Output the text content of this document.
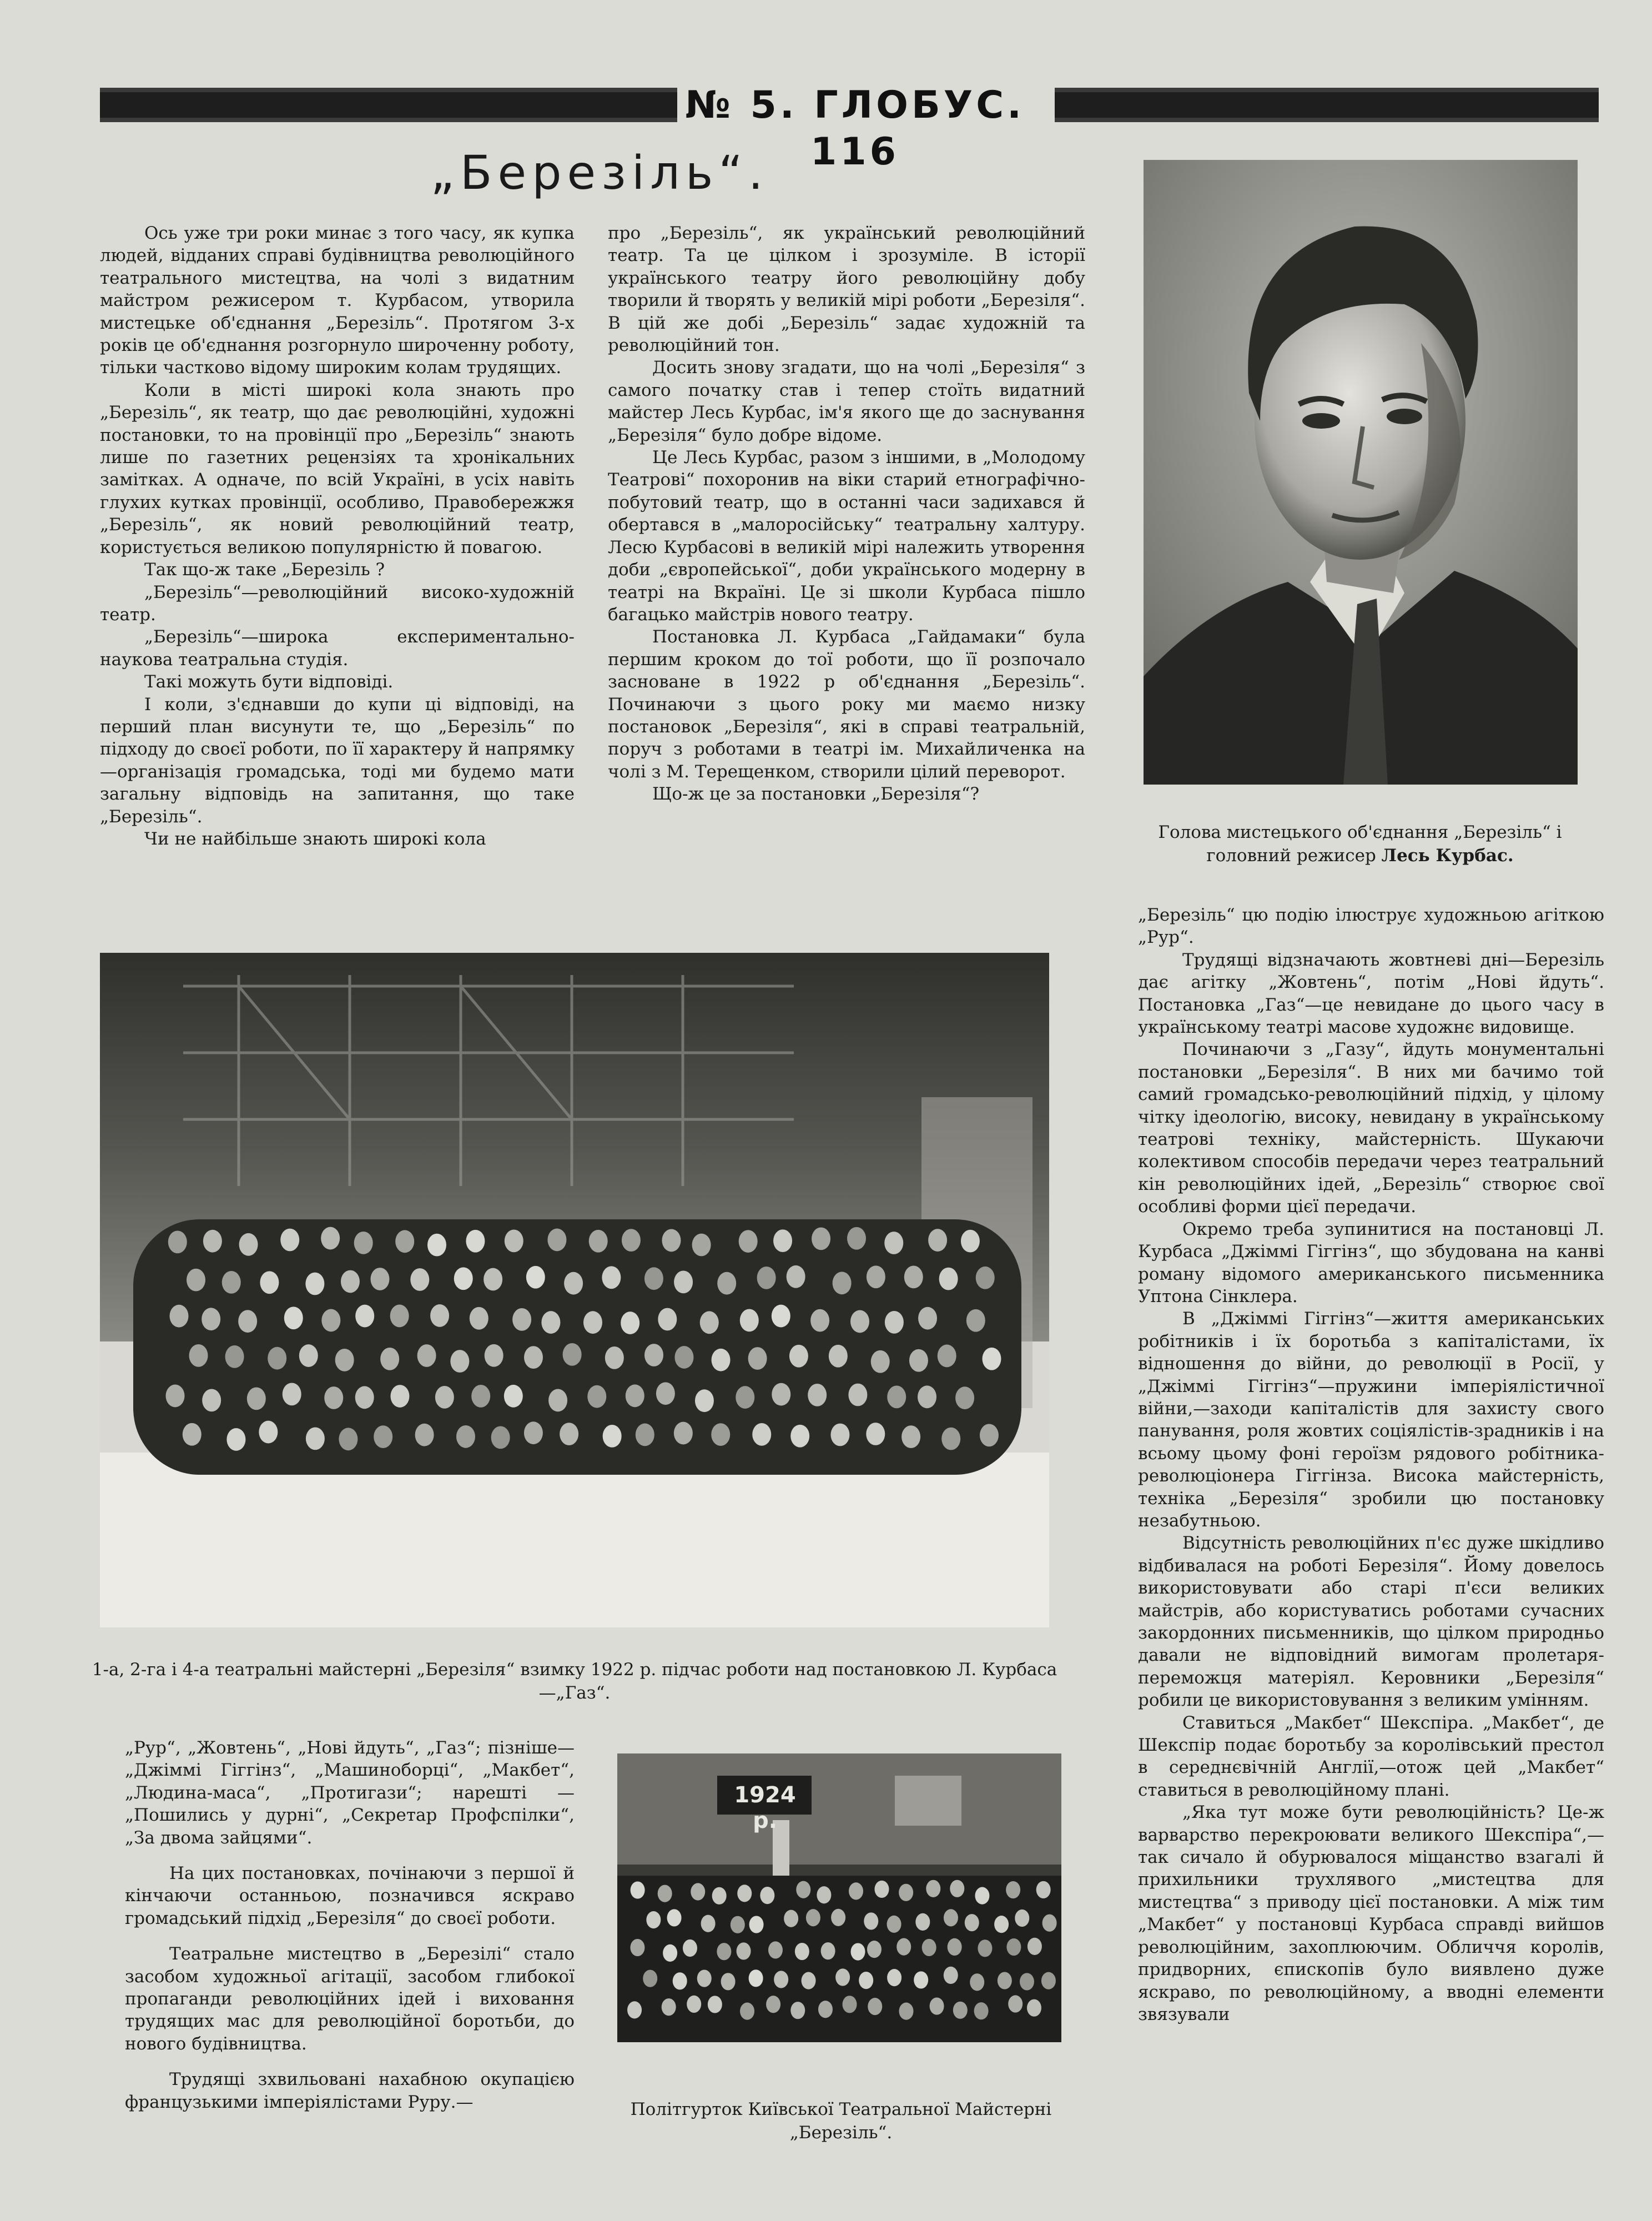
№ 5. ГЛОБУС. 116
„Березіль“.

Ось уже три роки минає з того часу, як купка людей, відданих справі будівництва революційного театрального мистецтва, на чолі з видатним майстром режисером т. Курбасом, утворила мистецьке об'єднання „Березіль“. Протягом 3-х років це об'єднання розгорнуло широченну роботу, тільки частково відому широким колам трудящих.

Коли в місті широкі кола знають про „Березіль“, як театр, що дає революційні, художні постановки, то на провінції про „Березіль“ знають лише по газетних рецензіях та хронікальних замітках. А одначе, по всій Україні, в усіх навіть глухих кутках провінції, особливо, Правобережжя „Березіль“, як новий революційний театр, користується великою популярністю й повагою.

Так що-ж таке „Березіль ?

„Березіль“—революційний високо-художній театр.

„Березіль“—широка експериментально-наукова театральна студія.

Такі можуть бути відповіді.

І коли, з'єднавши до купи ці відповіді, на перший план висунути те, що „Березіль“ по підходу до своєї роботи, по її характеру й напрямку—організація громадська, тоді ми будемо мати загальну відповідь на запитання, що таке „Березіль“.

Чи не найбільше знають широкі кола

про „Березіль“, як український революційний театр. Та це цілком і зрозуміле. В історії українського театру його революційну добу творили й творять у великій мірі роботи „Березіля“. В цій же добі „Березіль“ задає художній та революційний тон.

Досить знову згадати, що на чолі „Березіля“ з самого початку став і тепер стоїть видатний майстер Лесь Курбас, ім'я якого ще до заснування „Березіля“ було добре відоме.

Це Лесь Курбас, разом з іншими, в „Молодому Театрові“ похоронив на віки старий етнографічно-побутовий театр, що в останні часи задихався й обертався в „малоросійську“ театральну халтуру. Лесю Курбасові в великій мірі належить утворення доби „європейської“, доби українського модерну в театрі на Вкраїні. Це зі школи Курбаса пішло багацько майстрів нового театру.

Постановка Л. Курбаса „Гайдамаки“ була першим кроком до тої роботи, що її розпочало засноване в 1922 р об'єднання „Березіль“. Починаючи з цього року ми маємо низку постановок „Березіля“, які в справі театральній, поруч з роботами в театрі ім. Михайличенка на чолі з М. Терещенком, створили цілий переворот.

Що-ж це за постановки „Березіля“?

Голова мистецького об'єднання „Березіль“ і головний режисер Лесь Курбас.

„Березіль“ цю подію ілюструє художньою агіткою „Рур“.

Трудящі відзначають жовтневі дні—Березіль дає агітку „Жовтень“, потім „Нові йдуть“. Постановка „Газ“—це невидане до цього часу в українському театрі масове художнє видовище.

Починаючи з „Газу“, йдуть монументальні постановки „Березіля“. В них ми бачимо той самий громадсько-революційний підхід, у цілому чітку ідеологію, високу, невидану в українському театрові техніку, майстерність. Шукаючи колективом способів передачи через театральний кін революційних ідей, „Березіль“ створює свої особливі форми цієї передачи.

Окремо треба зупинитися на постановці Л. Курбаса „Джіммі Гіггінз“, що збудована на канві роману відомого американського письменника Уптона Сінклера.

В „Джіммі Гіггінз“—життя американських робітників і їх боротьба з капіталістами, їх відношення до війни, до революції в Росії, у „Джіммі Гіггінз“—пружини імперіялістичної війни,—заходи капіталістів для захисту свого панування, роля жовтих соціялістів-зрадників і на всьому цьому фоні героїзм рядового робітника-революціонера Гіггінза. Висока майстерність, техніка „Березіля“ зробили цю постановку незабутньою.

Відсутність революційних п'єс дуже шкідливо відбивалася на роботі Березіля“. Йому довелось використовувати або старі п'єси великих майстрів, або користуватись роботами сучасних закордонних письменників, що цілком природньо давали не відповідний вимогам пролетаря-переможця матеріял. Керовники „Березіля“ робили це використовування з великим умінням.

Ставиться „Макбет“ Шекспіра. „Макбет“, де Шекспір подає боротьбу за королівський престол в середнєвічній Англії,—отож цей „Макбет“ ставиться в революційному плані.

„Яка тут може бути революційність? Це-ж варварство перекроювати великого Шекспіра“,—так сичало й обурювалося міщанство взагалі й прихильники трухлявого „мистецтва для мистецтва“ з приводу цієї постановки. А між тим „Макбет“ у постановці Курбаса справді вийшов революційним, захоплюючим. Обличчя королів, придворних, єпископів було виявлено дуже яскраво, по революційному, а вводні елементи звязували

1-а, 2-га і 4-а театральні майстерні „Березіля“ взимку 1922 р. підчас роботи над постановкою Л. Курбаса—„Газ“.

„Рур“, „Жовтень“, „Нові йдуть“, „Газ“; пізніше—„Джіммі Гіггінз“, „Машиноборці“, „Макбет“, „Людина-маса“, „Протигази“; нарешті — „Пошились у дурні“, „Секретар Профспілки“, „За двома зайцями“.

На цих постановках, почінаючи з першої й кінчаючи останньою, позначився яскраво громадський підхід „Березіля“ до своєї роботи.

Театральне мистецтво в „Березілі“ стало засобом художньої агітації, засобом глибокої пропаганди революційних ідей і виховання трудящих мас для революційної боротьби, до нового будівництва.

Трудящі зхвильовані нахабною окупацією французькими імперіялістами Руру.—

1924 р.
Політгурток Київської Театральної Майстерні „Березіль“.
